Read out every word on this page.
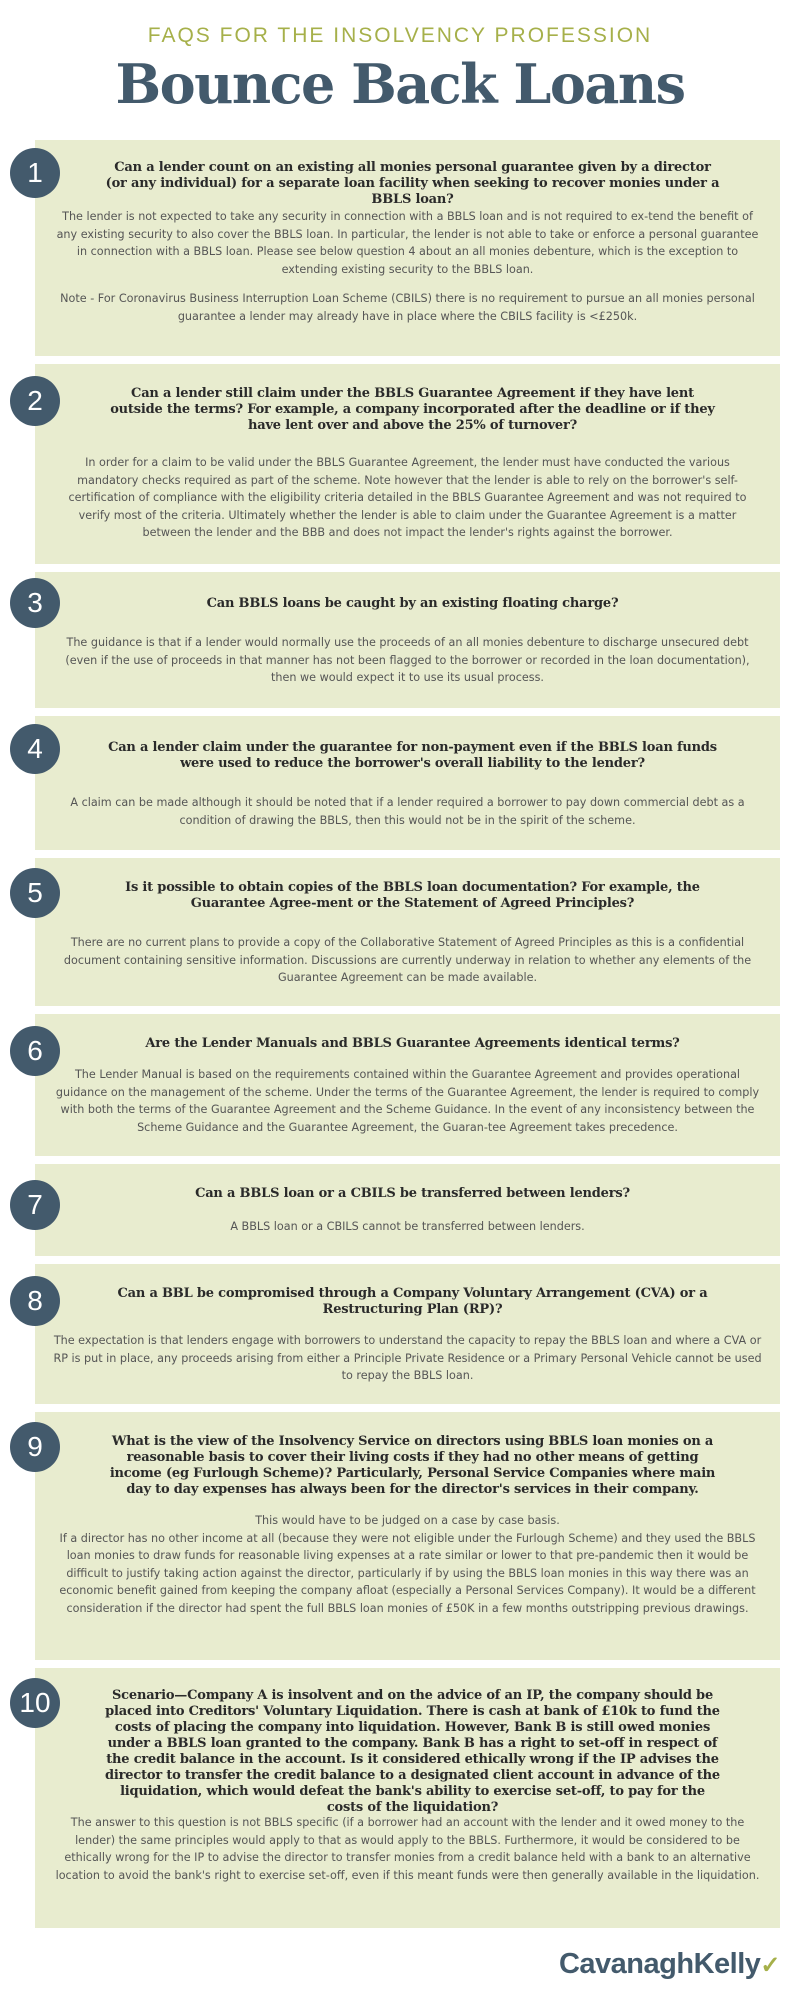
FAQS FOR THE INSOLVENCY PROFESSION
Bounce Back Loans
1	Can a lender count on an existing all monies personal guarantee given by a director (or any individual) for a separate loan facility when seeking to recover monies under a BBLS loan?

The lender is not expected to take any security in connection with a BBLS loan and is not required to ex-tend the benefit of any existing security to also cover the BBLS loan. In particular, the lender is not able to take or enforce a personal guarantee in connection with a BBLS loan. Please see below question 4 about an all monies debenture, which is the exception to extending existing security to the BBLS loan.

Note - For Coronavirus Business Interruption Loan Scheme (CBILS) there is no requirement to pursue an all monies personal guarantee a lender may already have in place where the CBILS facility is <£250k.

2	Can a lender still claim under the BBLS Guarantee Agreement if they have lent outside the terms? For example, a company incorporated after the deadline or if they have lent over and above the 25% of turnover?

In order for a claim to be valid under the BBLS Guarantee Agreement, the lender must have conducted the various mandatory checks required as part of the scheme. Note however that the lender is able to rely on the borrower's self-certification of compliance with the eligibility criteria detailed in the BBLS Guarantee Agreement and was not required to verify most of the criteria. Ultimately whether the lender is able to claim under the Guarantee Agreement is a matter between the lender and the BBB and does not impact the lender's rights against the borrower.

3	Can BBLS loans be caught by an existing floating charge?

The guidance is that if a lender would normally use the proceeds of an all monies debenture to discharge unsecured debt (even if the use of proceeds in that manner has not been flagged to the borrower or recorded in the loan documentation), then we would expect it to use its usual process.

4	Can a lender claim under the guarantee for non-payment even if the BBLS loan funds were used to reduce the borrower's overall liability to the lender?

A claim can be made although it should be noted that if a lender required a borrower to pay down commercial debt as a condition of drawing the BBLS, then this would not be in the spirit of the scheme.

5	Is it possible to obtain copies of the BBLS loan documentation? For example, the Guarantee Agree-ment or the Statement of Agreed Principles?

There are no current plans to provide a copy of the Collaborative Statement of Agreed Principles as this is a confidential document containing sensitive information. Discussions are currently underway in relation to whether any elements of the Guarantee Agreement can be made available.

6	Are the Lender Manuals and BBLS Guarantee Agreements identical terms?

The Lender Manual is based on the requirements contained within the Guarantee Agreement and provides operational guidance on the management of the scheme. Under the terms of the Guarantee Agreement, the lender is required to comply with both the terms of the Guarantee Agreement and the Scheme Guidance. In the event of any inconsistency between the Scheme Guidance and the Guarantee Agreement, the Guaran-tee Agreement takes precedence.

7	Can a BBLS loan or a CBILS be transferred between lenders?

A BBLS loan or a CBILS cannot be transferred between lenders.

8	Can a BBL be compromised through a Company Voluntary Arrangement (CVA) or a Restructuring Plan (RP)?

The expectation is that lenders engage with borrowers to understand the capacity to repay the BBLS loan and where a CVA or RP is put in place, any proceeds arising from either a Principle Private Residence or a Primary Personal Vehicle cannot be used to repay the BBLS loan.

9	What is the view of the Insolvency Service on directors using BBLS loan monies on a reasonable basis to cover their living costs if they had no other means of getting income (eg Furlough Scheme)? Particularly, Personal Service Companies where main day to day expenses has always been for the director's services in their company.
This would have to be judged on a case by case basis.
If a director has no other income at all (because they were not eligible under the Furlough Scheme) and they used the BBLS loan monies to draw funds for reasonable living expenses at a rate similar or lower to that pre-pandemic then it would be difficult to justify taking action against the director, particularly if by using the BBLS loan monies in this way there was an economic benefit gained from keeping the company afloat (especially a Personal Services Company). It would be a different consideration if the director had spent the full BBLS loan monies of £50K in a few months outstripping previous drawings.
10	Scenario—Company A is insolvent and on the advice of an IP, the company should be placed into Creditors' Voluntary Liquidation. There is cash at bank of £10k to fund the costs of placing the company into liquidation. However, Bank B is still owed monies under a BBLS loan granted to the company. Bank B has a right to set-off in respect of the credit balance in the account. Is it considered ethically wrong if the IP advises the director to transfer the credit balance to a designated client account in advance of the liquidation, which would defeat the bank's ability to exercise set-off, to pay for the costs of the liquidation?

The answer to this question is not BBLS specific (if a borrower had an account with the lender and it owed money to the lender) the same principles would apply to that as would apply to the BBLS. Furthermore, it would be considered to be ethically wrong for the IP to advise the director to transfer monies from a credit balance held with a bank to an alternative location to avoid the bank's right to exercise set-off, even if this meant funds were then generally available in the liquidation.

CavanaghKelly✓
